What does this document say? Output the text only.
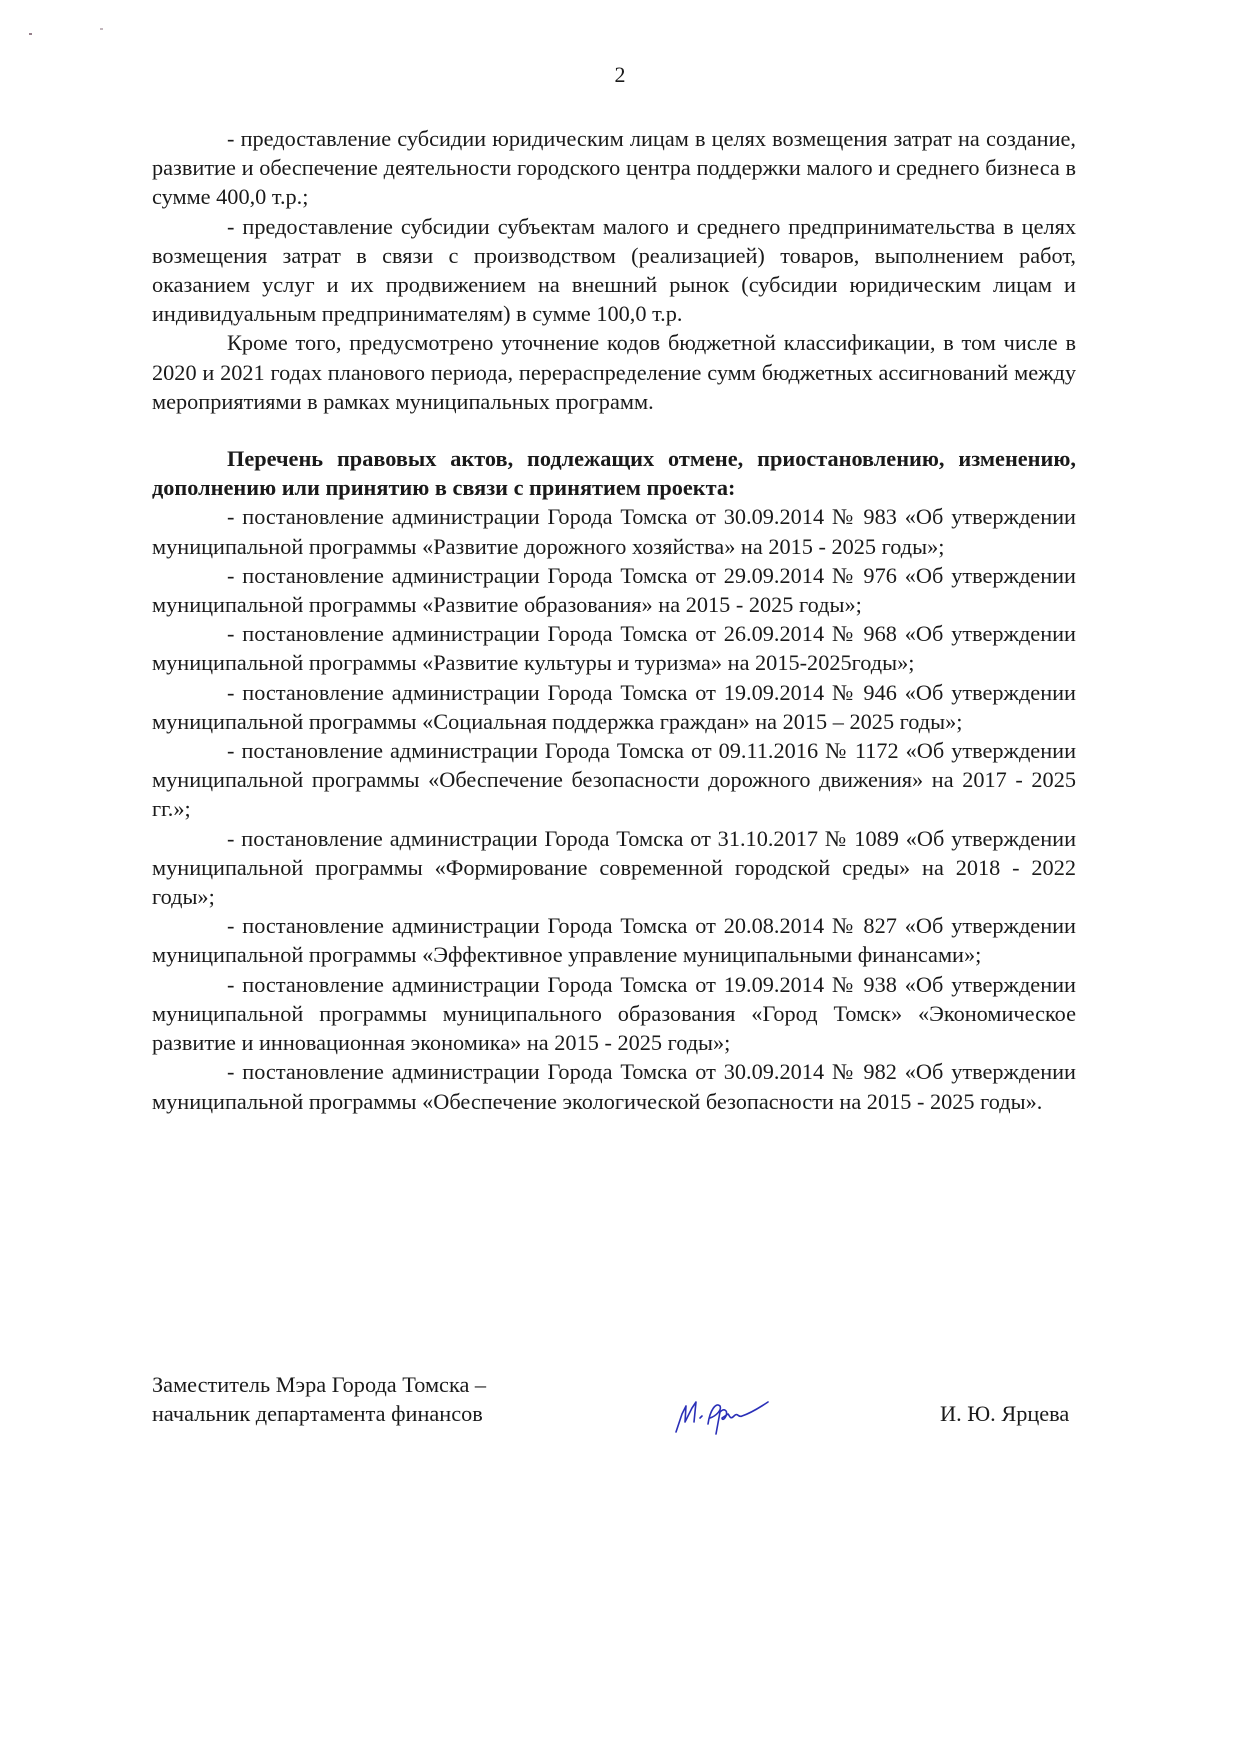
2

- предоставление субсидии юридическим лицам в целях возмещения затрат на создание, развитие и обеспечение деятельности городского центра поддержки малого и среднего бизнеса в сумме 400,0 т.р.;

- предоставление субсидии субъектам малого и среднего предпринимательства в целях возмещения затрат в связи с производством (реализацией) товаров, выполнением работ, оказанием услуг и их продвижением на внешний рынок (субсидии юридическим лицам и индивидуальным предпринимателям) в сумме 100,0 т.р.

Кроме того, предусмотрено уточнение кодов бюджетной классификации, в том числе в 2020 и 2021 годах планового периода, перераспределение сумм бюджетных ассигнований между мероприятиями в рамках муниципальных программ.

Перечень правовых актов, подлежащих отмене, приостановлению, изменению, дополнению или принятию в связи с принятием проекта:

- постановление администрации Города Томска от 30.09.2014 № 983 «Об утверждении муниципальной программы «Развитие дорожного хозяйства» на 2015 - 2025 годы»;

- постановление администрации Города Томска от 29.09.2014 № 976 «Об утверждении муниципальной программы «Развитие образования» на 2015 - 2025 годы»;

- постановление администрации Города Томска от 26.09.2014 № 968 «Об утверждении муниципальной программы «Развитие культуры и туризма» на 2015-2025годы»;

- постановление администрации Города Томска от 19.09.2014 № 946 «Об утверждении муниципальной программы «Социальная поддержка граждан» на 2015 – 2025 годы»;

- постановление администрации Города Томска от 09.11.2016 № 1172 «Об утверждении муниципальной программы «Обеспечение безопасности дорожного движения» на 2017 - 2025 гг.»;

- постановление администрации Города Томска от 31.10.2017 № 1089 «Об утверждении муниципальной программы «Формирование современной городской среды» на 2018 - 2022 годы»;

- постановление администрации Города Томска от 20.08.2014 № 827 «Об утверждении муниципальной программы «Эффективное управление муниципальными финансами»;

- постановление администрации Города Томска от 19.09.2014 № 938 «Об утверждении муниципальной программы муниципального образования «Город Томск» «Экономическое развитие и инновационная экономика» на 2015 - 2025 годы»;

- постановление администрации Города Томска от 30.09.2014 № 982 «Об утверждении муниципальной программы «Обеспечение экологической безопасности на 2015 - 2025 годы».

Заместитель Мэра Города Томска –
начальник департамента финансов	И. Ю. Ярцева
